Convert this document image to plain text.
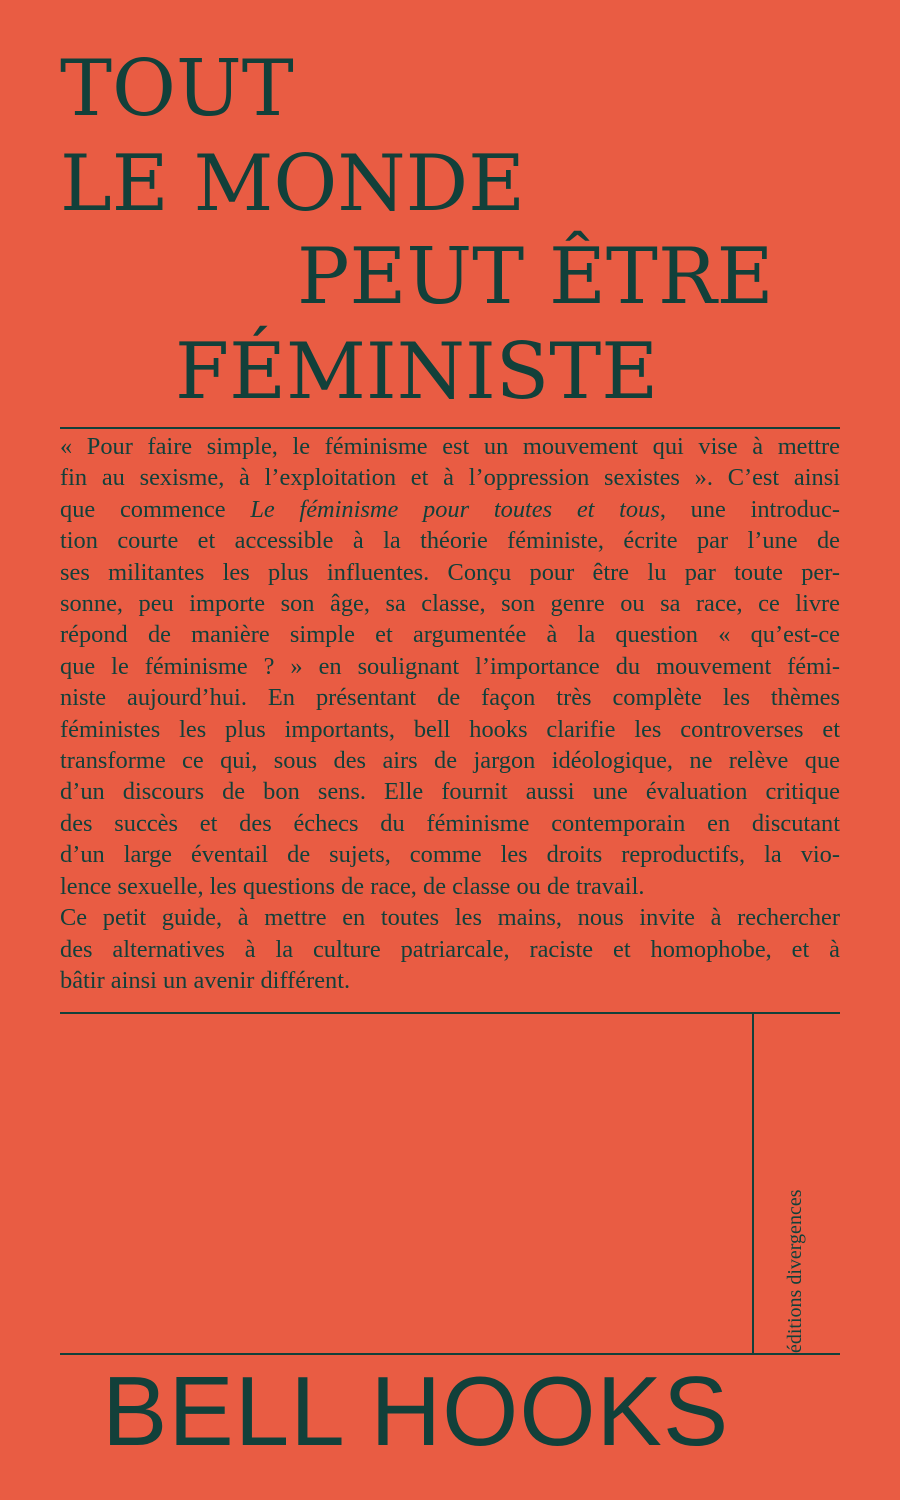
TOUT
LE MONDE
PEUT ÊTRE
FÉMINISTE
« Pour faire simple, le féminisme est un mouvement qui vise à mettre
fin au sexisme, à l’exploitation et à l’oppression sexistes ». C’est ainsi
que commence Le féminisme pour toutes et tous, une introduc-
tion courte et accessible à la théorie féministe, écrite par l’une de
ses militantes les plus influentes. Conçu pour être lu par toute per-
sonne, peu importe son âge, sa classe, son genre ou sa race, ce livre
répond de manière simple et argumentée à la question « qu’est-ce
que le féminisme ? » en soulignant l’importance du mouvement fémi-
niste aujourd’hui. En présentant de façon très complète les thèmes
féministes les plus importants, bell hooks clarifie les controverses et
transforme ce qui, sous des airs de jargon idéologique, ne relève que
d’un discours de bon sens. Elle fournit aussi une évaluation critique
des succès et des échecs du féminisme contemporain en discutant
d’un large éventail de sujets, comme les droits reproductifs, la vio-
lence sexuelle, les questions de race, de classe ou de travail.
Ce petit guide, à mettre en toutes les mains, nous invite à rechercher
des alternatives à la culture patriarcale, raciste et homophobe, et à
bâtir ainsi un avenir différent.
éditions divergences
BELL HOOKS
